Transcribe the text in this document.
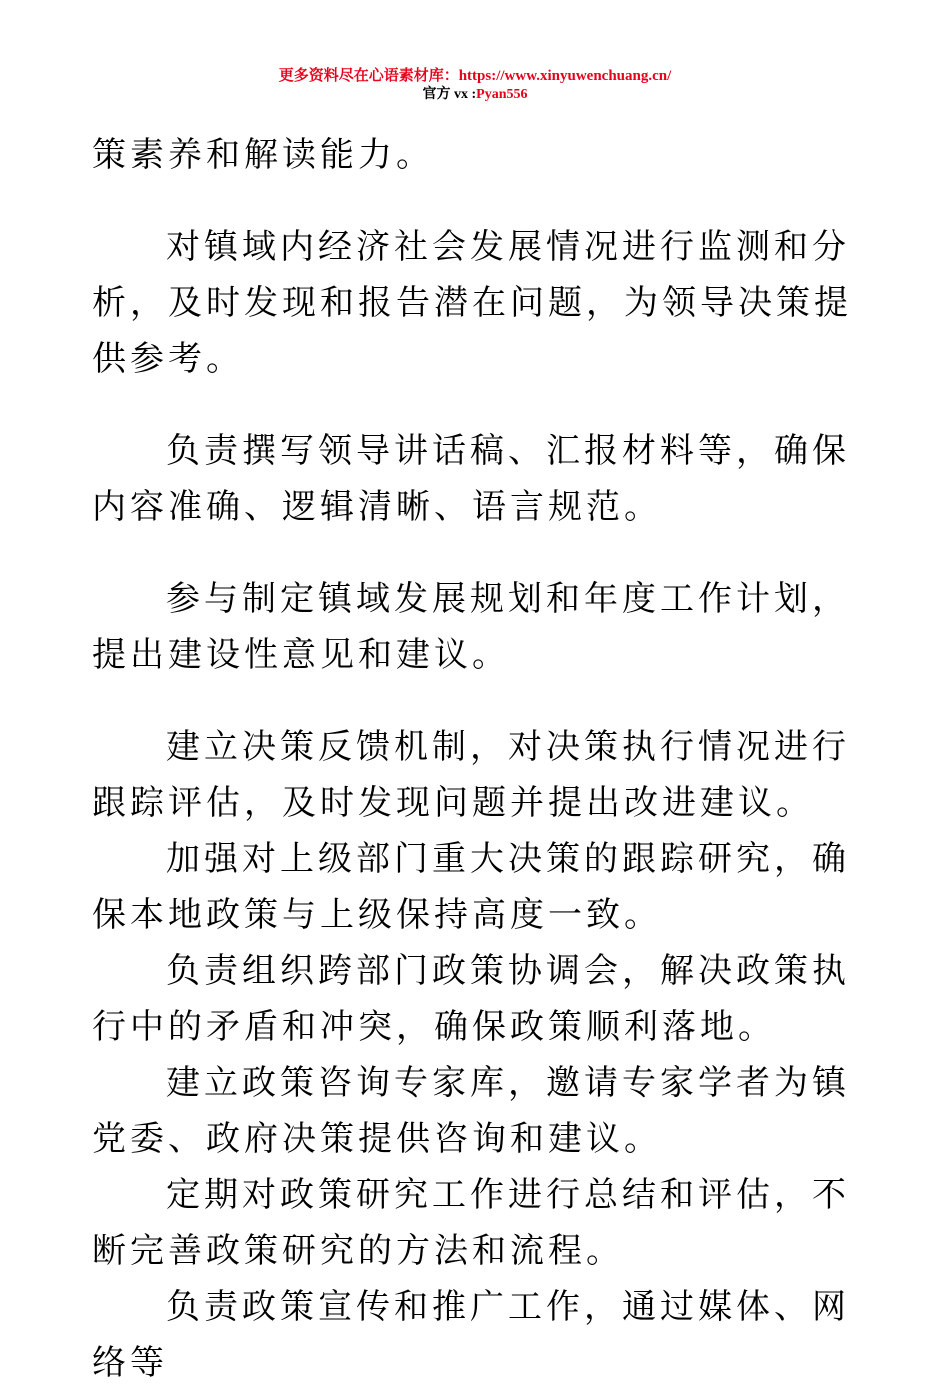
更多资料尽在心语素材库：https://www.xinyuwenchuang.cn/
官方 vx :Pyan556

策素养和解读能力。

对镇域内经济社会发展情况进行监测和分析，及时发现和报告潜在问题，为领导决策提供参考。

负责撰写领导讲话稿、汇报材料等，确保内容准确、逻辑清晰、语言规范。

参与制定镇域发展规划和年度工作计划，提出建设性意见和建议。

建立决策反馈机制，对决策执行情况进行跟踪评估，及时发现问题并提出改进建议。

加强对上级部门重大决策的跟踪研究，确保本地政策与上级保持高度一致。

负责组织跨部门政策协调会，解决政策执行中的矛盾和冲突，确保政策顺利落地。

建立政策咨询专家库，邀请专家学者为镇党委、政府决策提供咨询和建议。

定期对政策研究工作进行总结和评估，不断完善政策研究的方法和流程。

负责政策宣传和推广工作，通过媒体、网络等
